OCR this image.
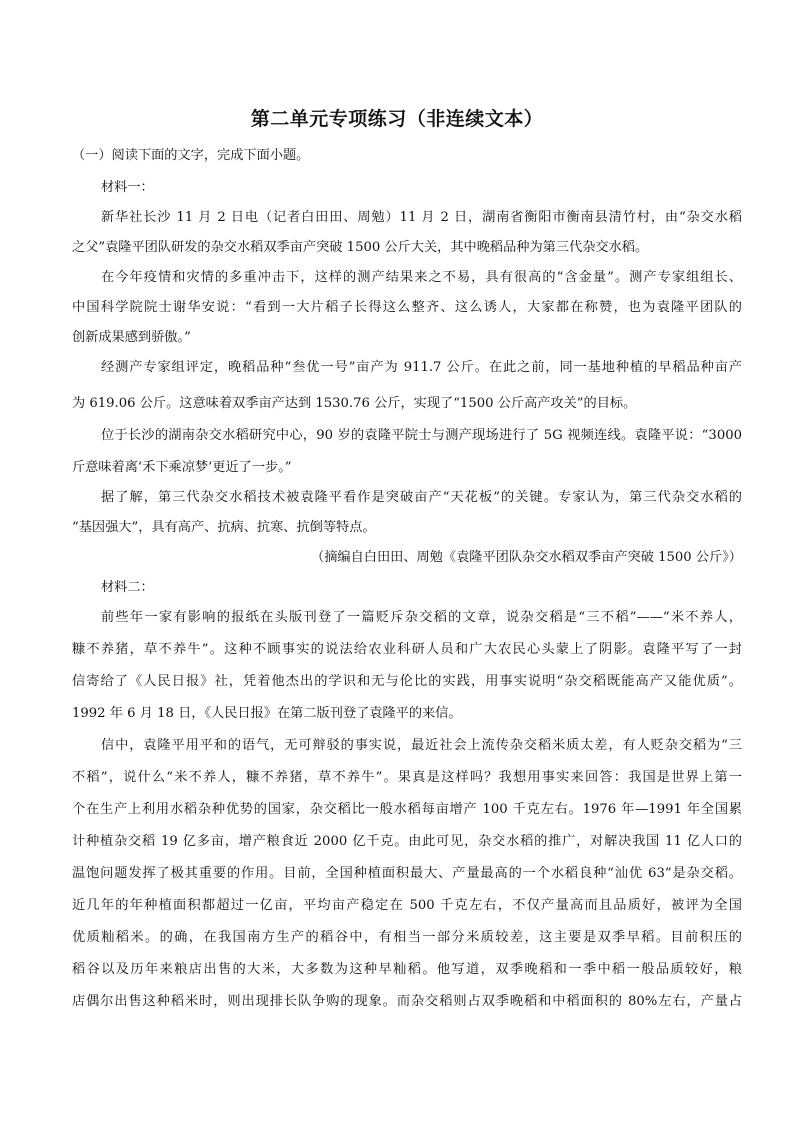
第二单元专项练习（非连续文本）
（一）阅读下面的文字，完成下面小题。
材料一：
新华社长沙 11 月 2 日电（记者白田田、周勉）11 月 2 日，湖南省衡阳市衡南县清竹村，由“杂交水稻
之父”袁隆平团队研发的杂交水稻双季亩产突破 1500 公斤大关，其中晚稻品种为第三代杂交水稻。
在今年疫情和灾情的多重冲击下，这样的测产结果来之不易，具有很高的“含金量”。测产专家组组长、
中国科学院院士谢华安说：“看到一大片稻子长得这么整齐、这么诱人，大家都在称赞，也为袁隆平团队的
创新成果感到骄傲。”
经测产专家组评定，晚稻品种“叁优一号”亩产为 911.7 公斤。在此之前，同一基地种植的早稻品种亩产
为 619.06 公斤。这意味着双季亩产达到 1530.76 公斤，实现了“1500 公斤高产攻关”的目标。
位于长沙的湖南杂交水稻研究中心，90 岁的袁隆平院士与测产现场进行了 5G 视频连线。袁隆平说：“3000
斤意味着离‘禾下乘凉梦’更近了一步。”
据了解，第三代杂交水稻技术被袁隆平看作是突破亩产“天花板”的关键。专家认为，第三代杂交水稻的
“基因强大”，具有高产、抗病、抗寒、抗倒等特点。
（摘编自白田田、周勉《袁隆平团队杂交水稻双季亩产突破 1500 公斤》）
材料二：
前些年一家有影响的报纸在头版刊登了一篇贬斥杂交稻的文章，说杂交稻是“三不稻”——“米不养人，
糠不养猪，草不养牛”。这种不顾事实的说法给农业科研人员和广大农民心头蒙上了阴影。袁隆平写了一封
信寄给了《人民日报》社，凭着他杰出的学识和无与伦比的实践，用事实说明“杂交稻既能高产又能优质”。
1992 年 6 月 18 日，《人民日报》在第二版刊登了袁隆平的来信。
信中，袁隆平用平和的语气，无可辩驳的事实说，最近社会上流传杂交稻米质太差，有人贬杂交稻为“三
不稻”，说什么“米不养人，糠不养猪，草不养牛”。果真是这样吗？我想用事实来回答：我国是世界上第一
个在生产上利用水稻杂种优势的国家，杂交稻比一般水稻每亩增产 100 千克左右。1976 年—1991 年全国累
计种植杂交稻 19 亿多亩，增产粮食近 2000 亿千克。由此可见，杂交水稻的推广，对解决我国 11 亿人口的
温饱问题发挥了极其重要的作用。目前，全国种植面积最大、产量最高的一个水稻良种“汕优 63”是杂交稻。
近几年的年种植面积都超过一亿亩，平均亩产稳定在 500 千克左右，不仅产量高而且品质好，被评为全国
优质籼稻米。的确，在我国南方生产的稻谷中，有相当一部分米质较差，这主要是双季早稻。目前积压的
稻谷以及历年来粮店出售的大米，大多数为这种早籼稻。他写道，双季晚稻和一季中稻一般品质较好，粮
店偶尔出售这种稻米时，则出现排长队争购的现象。而杂交稻则占双季晚稻和中稻面积的 80%左右，产量占
